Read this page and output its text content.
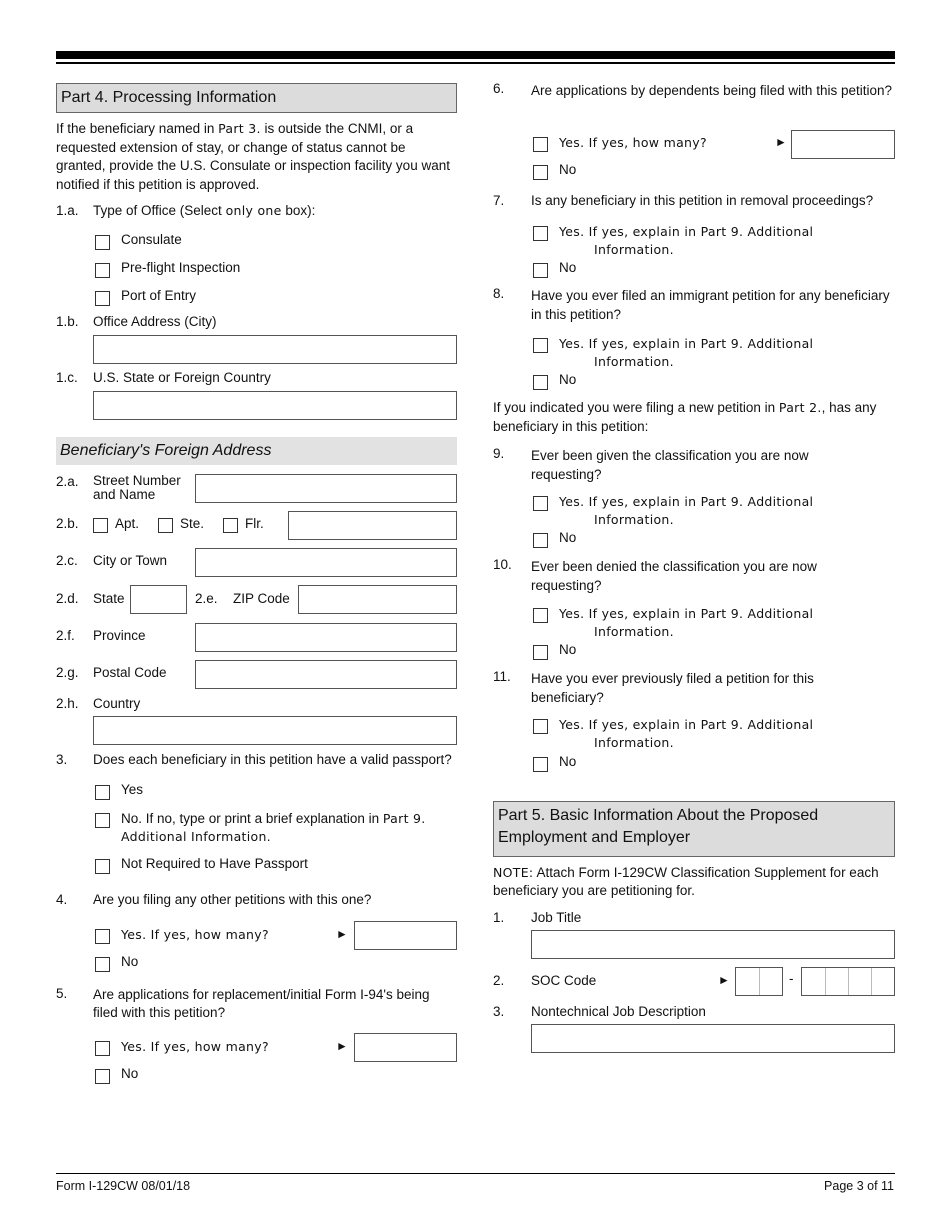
Part 4. Processing Information
If the beneficiary named in Part 3. is outside the CNMI, or a requested extension of stay, or change of status cannot be granted, provide the U.S. Consulate or inspection facility you want notified if this petition is approved.
1.a.	Type of Office (Select only one box):
Consulate
Pre-flight Inspection
Port of Entry
1.b.	Office Address (City)
1.c.	U.S. State or Foreign Country
Beneficiary's Foreign Address
2.a.	Street Number
and Name
2.b.	Apt.	Ste.	Flr.
2.c.	City or Town
2.d.	State	2.e. ZIP Code
2.f.	Province
2.g.	Postal Code
2.h.	Country
3.	Does each beneficiary in this petition have a valid passport?
Yes
No. If no, type or print a brief explanation in Part 9.
Additional Information.
Not Required to Have Passport
4.	Are you filing any other petitions with this one?
Yes. If yes, how many?	►
No
5.	Are applications for replacement/initial Form I-94's being filed with this petition?
Yes. If yes, how many?	►
No
6.	Are applications by dependents being filed with this petition?
Yes. If yes, how many?	►
No
7.	Is any beneficiary in this petition in removal proceedings?
Yes. If yes, explain in Part 9. Additional
Information.
No
8.	Have you ever filed an immigrant petition for any beneficiary in this petition?
Yes. If yes, explain in Part 9. Additional
Information.
No
If you indicated you were filing a new petition in Part 2., has any beneficiary in this petition:
9.	Ever been given the classification you are now requesting?
Yes. If yes, explain in Part 9. Additional
Information.
No
10.	Ever been denied the classification you are now requesting?
Yes. If yes, explain in Part 9. Additional
Information.
No
11.	Have you ever previously filed a petition for this beneficiary?
Yes. If yes, explain in Part 9. Additional
Information.
No
Part 5. Basic Information About the Proposed Employment and Employer
NOTE: Attach Form I-129CW Classification Supplement for each beneficiary you are petitioning for.
1.	Job Title
2.	SOC Code	►	-
3.	Nontechnical Job Description
Form I-129CW 08/01/18	Page 3 of 11
